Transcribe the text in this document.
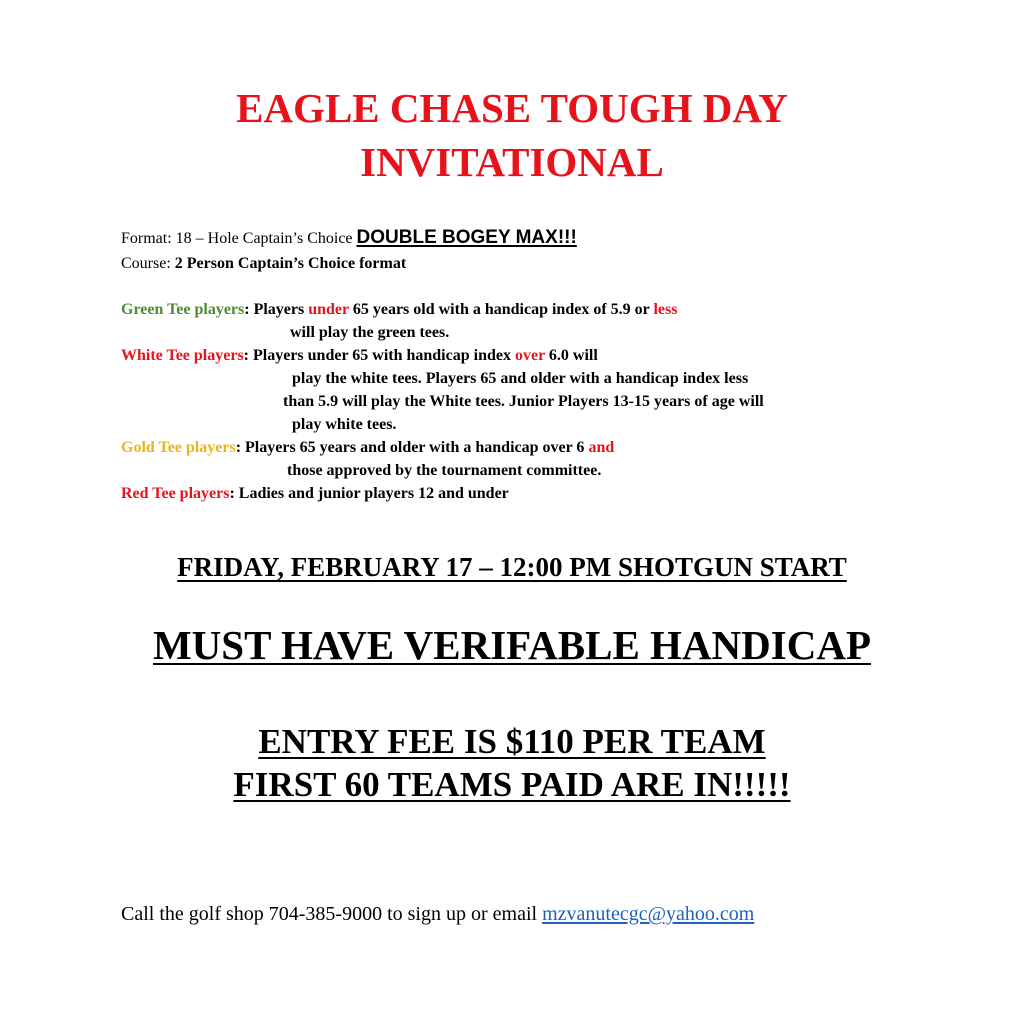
EAGLE CHASE TOUGH DAY
INVITATIONAL
Format: 18 – Hole Captain’s Choice DOUBLE BOGEY MAX!!!
Course: 2 Person Captain’s Choice format
Green Tee players: Players under 65 years old with a handicap index of 5.9 or less
will play the green tees.
White Tee players: Players under 65 with handicap index over 6.0 will
play the white tees. Players 65 and older with a handicap index less
than 5.9 will play the White tees. Junior Players 13-15 years of age will
play white tees.
Gold Tee players: Players 65 years and older with a handicap over 6 and
those approved by the tournament committee.
Red Tee players: Ladies and junior players 12 and under
FRIDAY, FEBRUARY 17 – 12:00 PM SHOTGUN START
MUST HAVE VERIFABLE HANDICAP
ENTRY FEE IS $110 PER TEAM
FIRST 60 TEAMS PAID ARE IN!!!!!
Call the golf shop 704-385-9000 to sign up or email mzvanutecgc@yahoo.com
